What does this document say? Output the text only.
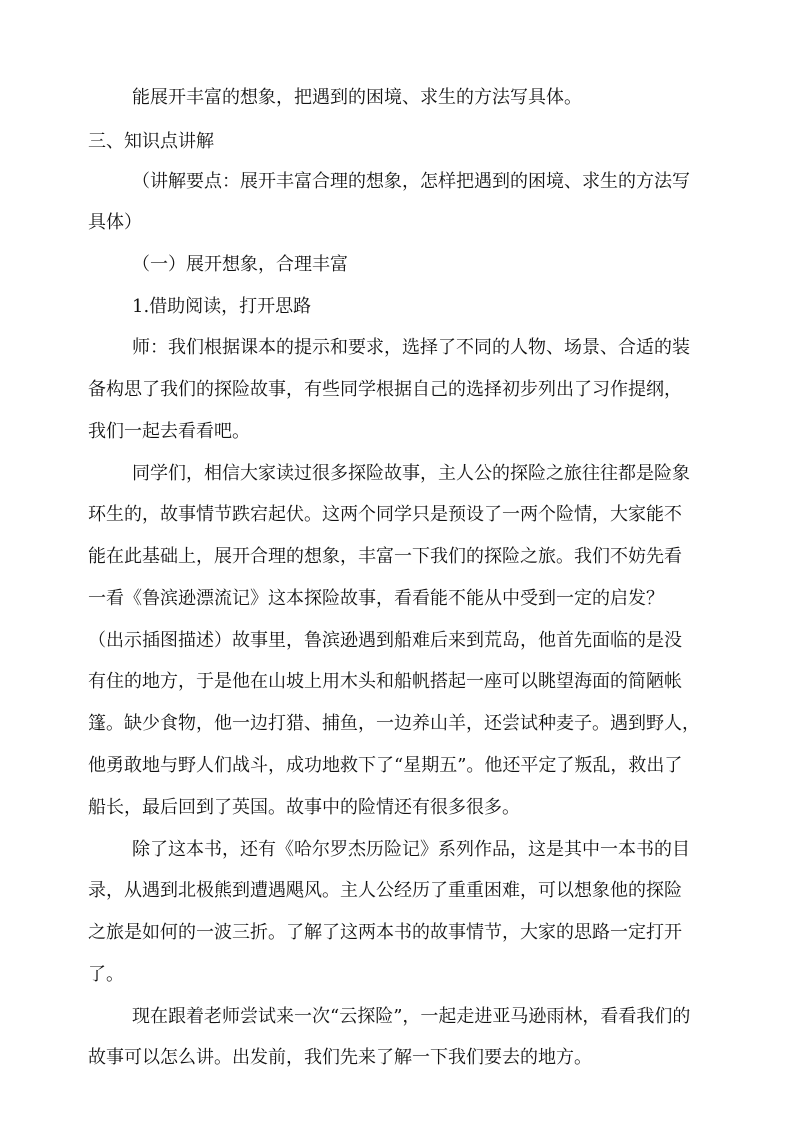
能展开丰富的想象，把遇到的困境、求生的方法写具体。
三、知识点讲解
（讲解要点：展开丰富合理的想象，怎样把遇到的困境、求生的方法写
具体）
（一）展开想象，合理丰富
1.借助阅读，打开思路
师：我们根据课本的提示和要求，选择了不同的人物、场景、合适的装
备构思了我们的探险故事，有些同学根据自己的选择初步列出了习作提纲，
我们一起去看看吧。
同学们，相信大家读过很多探险故事，主人公的探险之旅往往都是险象
环生的，故事情节跌宕起伏。这两个同学只是预设了一两个险情，大家能不
能在此基础上，展开合理的想象，丰富一下我们的探险之旅。我们不妨先看
一看《鲁滨逊漂流记》这本探险故事，看看能不能从中受到一定的启发？
（出示插图描述）故事里，鲁滨逊遇到船难后来到荒岛，他首先面临的是没
有住的地方，于是他在山坡上用木头和船帆搭起一座可以眺望海面的简陋帐
篷。缺少食物，他一边打猎、捕鱼，一边养山羊，还尝试种麦子。遇到野人，
他勇敢地与野人们战斗，成功地救下了“星期五”。他还平定了叛乱，救出了
船长，最后回到了英国。故事中的险情还有很多很多。
除了这本书，还有《哈尔罗杰历险记》系列作品，这是其中一本书的目
录，从遇到北极熊到遭遇飓风。主人公经历了重重困难，可以想象他的探险
之旅是如何的一波三折。了解了这两本书的故事情节，大家的思路一定打开
了。
现在跟着老师尝试来一次“云探险”，一起走进亚马逊雨林，看看我们的
故事可以怎么讲。出发前，我们先来了解一下我们要去的地方。
